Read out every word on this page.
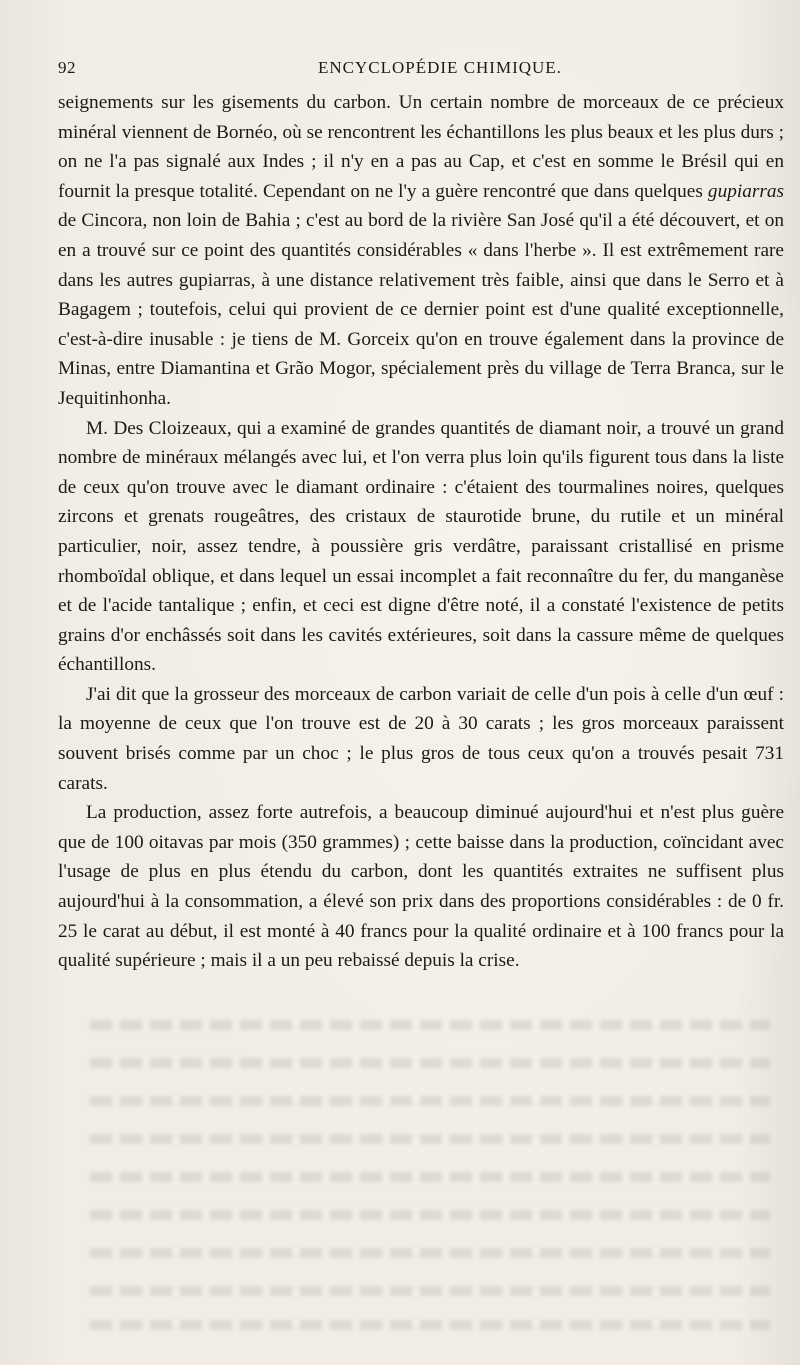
92	ENCYCLOPÉDIE CHIMIQUE.

seignements sur les gisements du carbon. Un certain nombre de morceaux de ce précieux minéral viennent de Bornéo, où se rencontrent les échantillons les plus beaux et les plus durs ; on ne l'a pas signalé aux Indes ; il n'y en a pas au Cap, et c'est en somme le Brésil qui en fournit la presque totalité. Cependant on ne l'y a guère rencontré que dans quelques gupiarras de Cincora, non loin de Bahia ; c'est au bord de la rivière San José qu'il a été découvert, et on en a trouvé sur ce point des quantités considérables « dans l'herbe ». Il est extrêmement rare dans les autres gupiarras, à une distance relativement très faible, ainsi que dans le Serro et à Bagagem ; toutefois, celui qui provient de ce dernier point est d'une qualité exceptionnelle, c'est-à-dire inusable : je tiens de M. Gorceix qu'on en trouve également dans la province de Minas, entre Diamantina et Grão Mogor, spécialement près du village de Terra Branca, sur le Jequitinhonha.

M. Des Cloizeaux, qui a examiné de grandes quantités de diamant noir, a trouvé un grand nombre de minéraux mélangés avec lui, et l'on verra plus loin qu'ils figurent tous dans la liste de ceux qu'on trouve avec le diamant ordinaire : c'étaient des tourmalines noires, quelques zircons et grenats rougeâtres, des cristaux de staurotide brune, du rutile et un minéral particulier, noir, assez tendre, à poussière gris verdâtre, paraissant cristallisé en prisme rhomboïdal oblique, et dans lequel un essai incomplet a fait reconnaître du fer, du manganèse et de l'acide tantalique ; enfin, et ceci est digne d'être noté, il a constaté l'existence de petits grains d'or enchâssés soit dans les cavités extérieures, soit dans la cassure même de quelques échantillons.

J'ai dit que la grosseur des morceaux de carbon variait de celle d'un pois à celle d'un œuf : la moyenne de ceux que l'on trouve est de 20 à 30 carats ; les gros morceaux paraissent souvent brisés comme par un choc ; le plus gros de tous ceux qu'on a trouvés pesait 731 carats.

La production, assez forte autrefois, a beaucoup diminué aujourd'hui et n'est plus guère que de 100 oitavas par mois (350 grammes) ; cette baisse dans la production, coïncidant avec l'usage de plus en plus étendu du carbon, dont les quantités extraites ne suffisent plus aujourd'hui à la consommation, a élevé son prix dans des proportions considérables : de 0 fr. 25 le carat au début, il est monté à 40 francs pour la qualité ordinaire et à 100 francs pour la qualité supérieure ; mais il a un peu rebaissé depuis la crise.
